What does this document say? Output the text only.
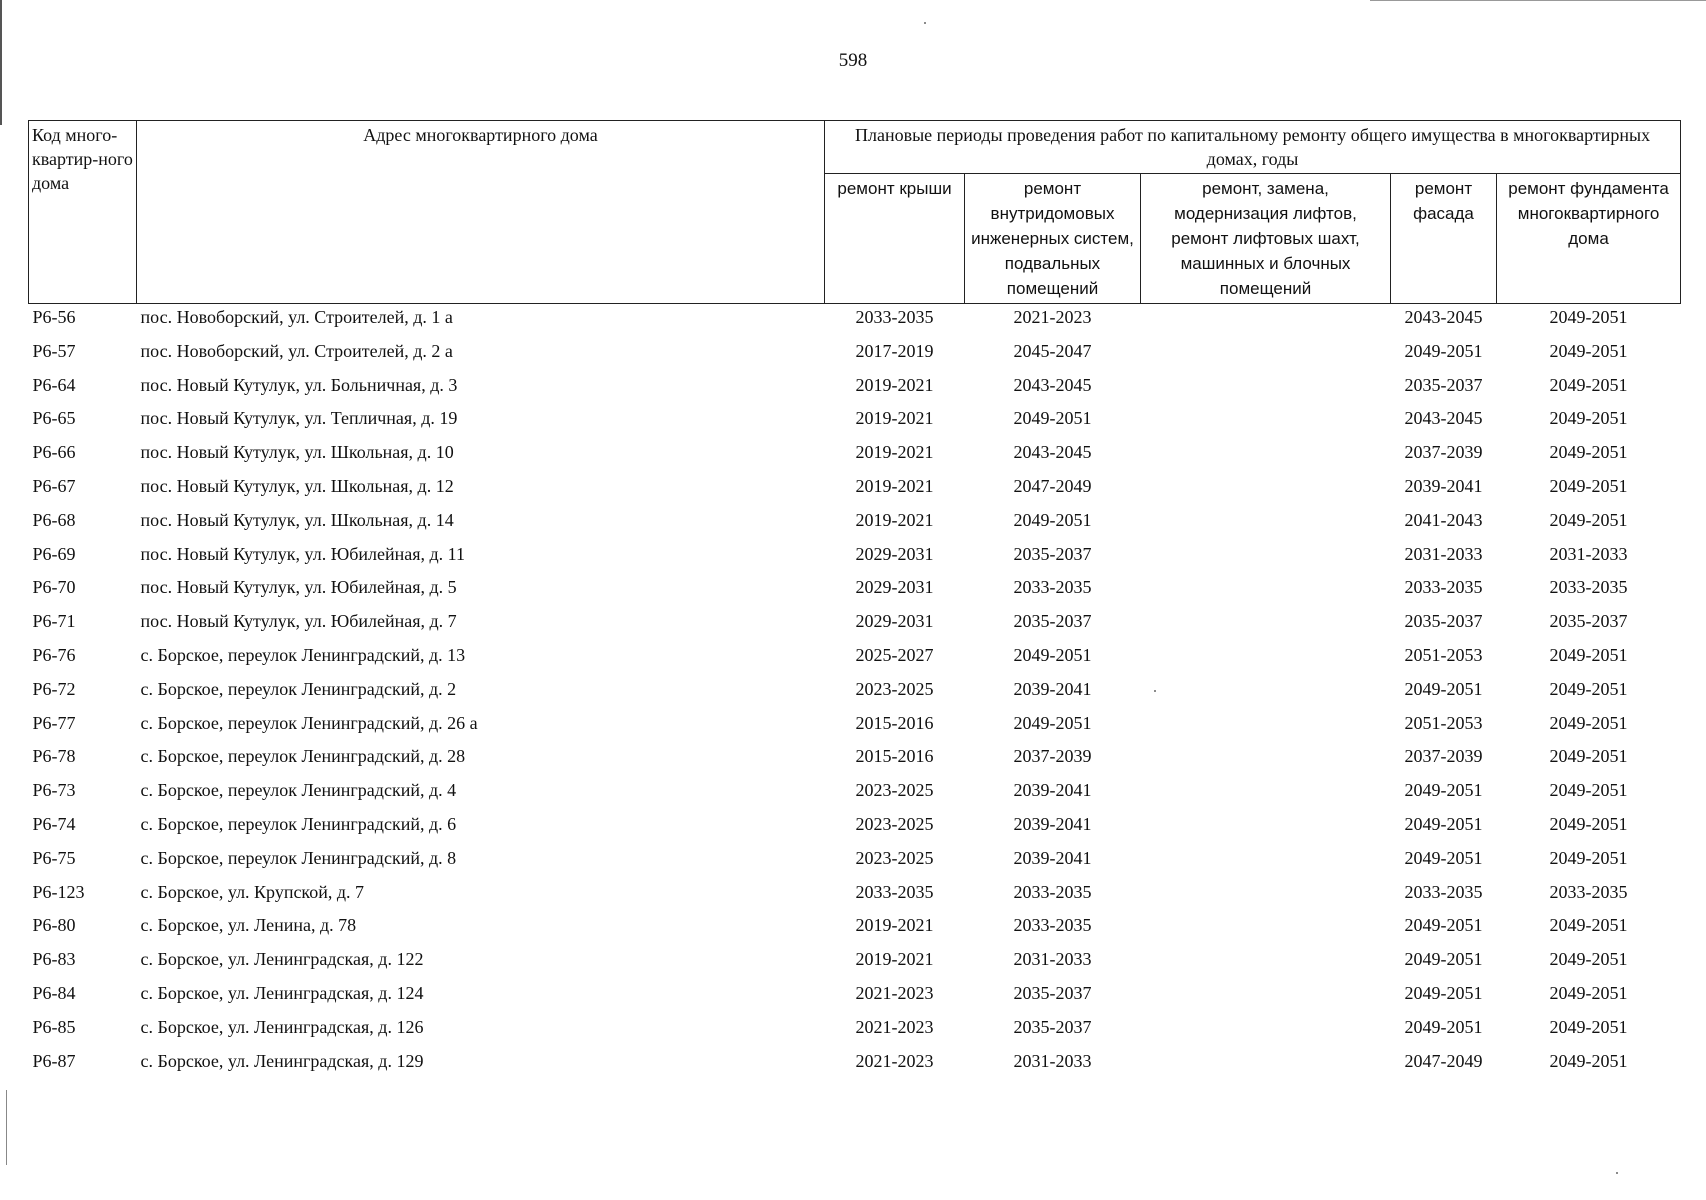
598
Код много-квартир-ного дома	Адрес многоквартирного дома	Плановые периоды проведения работ по капитальному ремонту общего имущества в многоквартирных домах, годы				
		ремонт крыши	ремонт внутридомовых инженерных систем, подвальных помещений	ремонт, замена, модернизация лифтов, ремонт лифтовых шахт, машинных и блочных помещений	ремонт фасада	ремонт фундамента многоквартирного дома
Р6-56	пос. Новоборский, ул. Строителей, д. 1 а	2033-2035	2021-2023		2043-2045	2049-2051
Р6-57	пос. Новоборский, ул. Строителей, д. 2 а	2017-2019	2045-2047		2049-2051	2049-2051
Р6-64	пос. Новый Кутулук, ул. Больничная, д. 3	2019-2021	2043-2045		2035-2037	2049-2051
Р6-65	пос. Новый Кутулук, ул. Тепличная, д. 19	2019-2021	2049-2051		2043-2045	2049-2051
Р6-66	пос. Новый Кутулук, ул. Школьная, д. 10	2019-2021	2043-2045		2037-2039	2049-2051
Р6-67	пос. Новый Кутулук, ул. Школьная, д. 12	2019-2021	2047-2049		2039-2041	2049-2051
Р6-68	пос. Новый Кутулук, ул. Школьная, д. 14	2019-2021	2049-2051		2041-2043	2049-2051
Р6-69	пос. Новый Кутулук, ул. Юбилейная, д. 11	2029-2031	2035-2037		2031-2033	2031-2033
Р6-70	пос. Новый Кутулук, ул. Юбилейная, д. 5	2029-2031	2033-2035		2033-2035	2033-2035
Р6-71	пос. Новый Кутулук, ул. Юбилейная, д. 7	2029-2031	2035-2037		2035-2037	2035-2037
Р6-76	с. Борское, переулок Ленинградский, д. 13	2025-2027	2049-2051		2051-2053	2049-2051
Р6-72	с. Борское, переулок Ленинградский, д. 2	2023-2025	2039-2041		2049-2051	2049-2051
Р6-77	с. Борское, переулок Ленинградский, д. 26 а	2015-2016	2049-2051		2051-2053	2049-2051
Р6-78	с. Борское, переулок Ленинградский, д. 28	2015-2016	2037-2039		2037-2039	2049-2051
Р6-73	с. Борское, переулок Ленинградский, д. 4	2023-2025	2039-2041		2049-2051	2049-2051
Р6-74	с. Борское, переулок Ленинградский, д. 6	2023-2025	2039-2041		2049-2051	2049-2051
Р6-75	с. Борское, переулок Ленинградский, д. 8	2023-2025	2039-2041		2049-2051	2049-2051
Р6-123	с. Борское, ул. Крупской, д. 7	2033-2035	2033-2035		2033-2035	2033-2035
Р6-80	с. Борское, ул. Ленина, д. 78	2019-2021	2033-2035		2049-2051	2049-2051
Р6-83	с. Борское, ул. Ленинградская, д. 122	2019-2021	2031-2033		2049-2051	2049-2051
Р6-84	с. Борское, ул. Ленинградская, д. 124	2021-2023	2035-2037		2049-2051	2049-2051
Р6-85	с. Борское, ул. Ленинградская, д. 126	2021-2023	2035-2037		2049-2051	2049-2051
Р6-87	с. Борское, ул. Ленинградская, д. 129	2021-2023	2031-2033		2047-2049	2049-2051
